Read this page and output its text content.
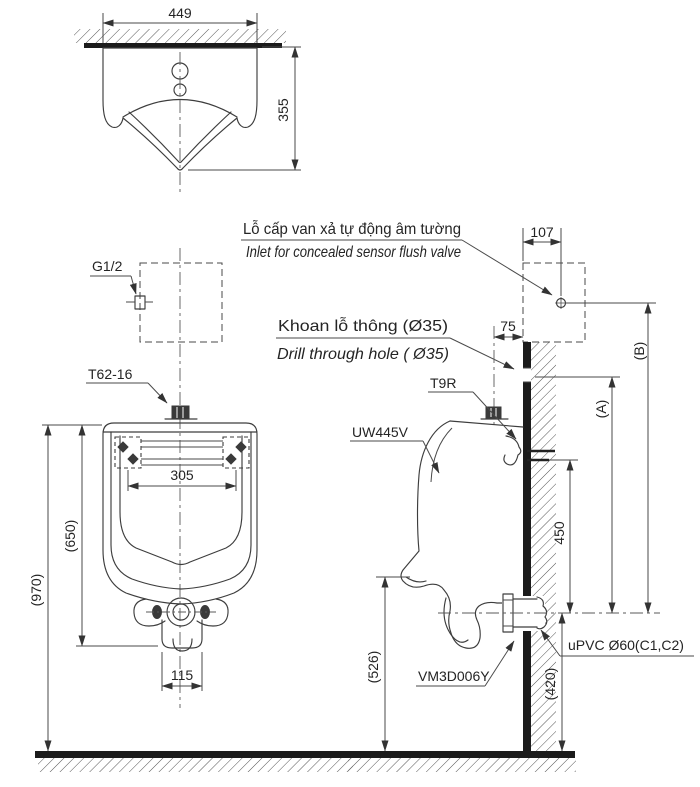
449
355
G1/2
T62-16
305
115
(650)
(970)
Lỗ cấp van xả tự động âm tường
Inlet for concealed sensor flush valve
Khoan lỗ thông (Ø35)
Drill through hole ( Ø35)
107
75
T9R
UW445V
450
(A)
(B)
(420)
(526)	VM3D006Y
uPVC Ø60(C1,C2)
